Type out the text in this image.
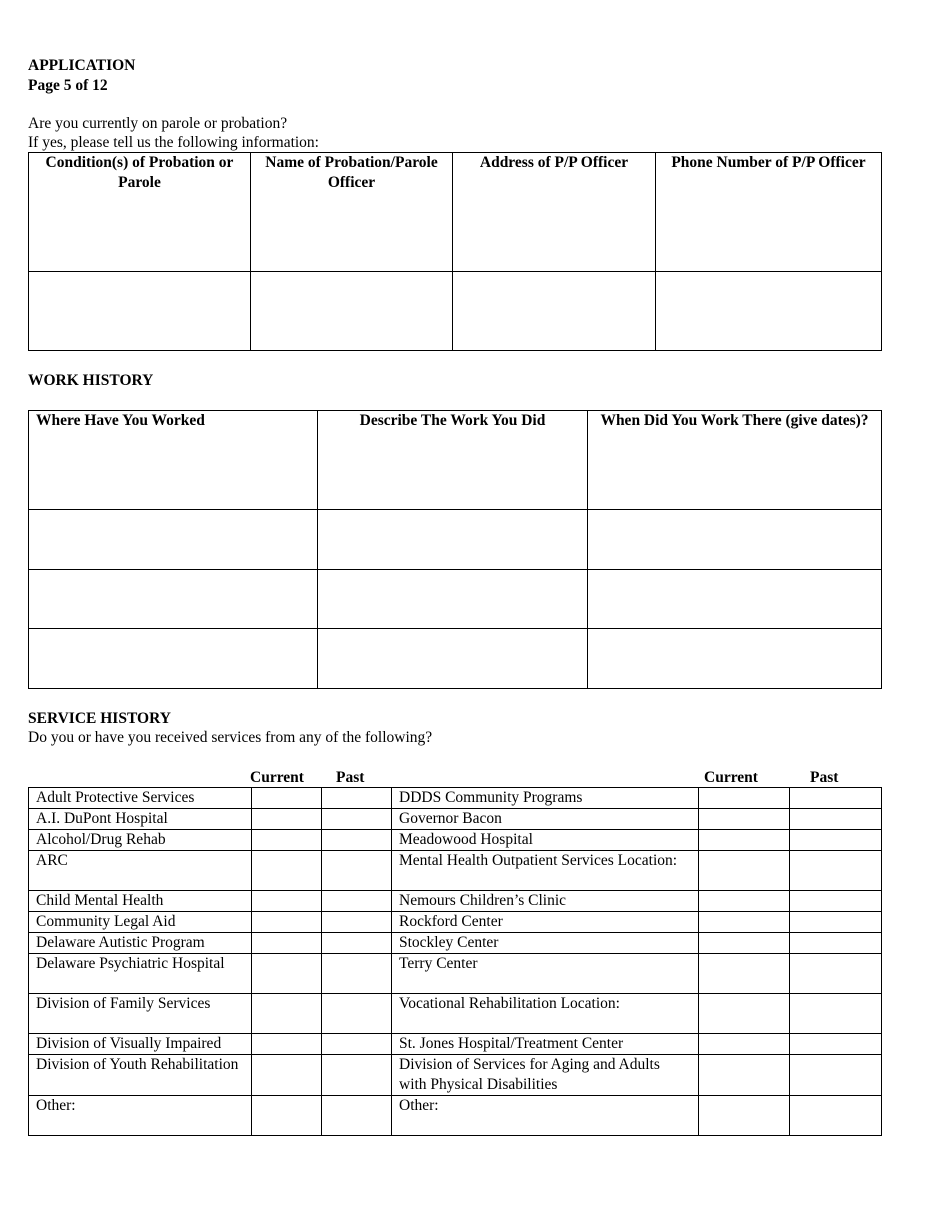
APPLICATION
Page 5 of 12
Are you currently on parole or probation?
If yes, please tell us the following information:
Condition(s) of Probation or Parole	Name of Probation/Parole Officer	Address of P/P Officer	Phone Number of P/P Officer

WORK HISTORY
Where Have You Worked	Describe The Work You Did	When Did You Work There (give dates)?

SERVICE HISTORY
Do you or have you received services from any of the following?
Current Past	Current	Past
Adult Protective Services			DDDS Community Programs		
A.I. DuPont Hospital			Governor Bacon		
Alcohol/Drug Rehab			Meadowood Hospital		
ARC			Mental Health Outpatient Services Location:		
Child Mental Health			Nemours Children’s Clinic		
Community Legal Aid			Rockford Center		
Delaware Autistic Program			Stockley Center		
Delaware Psychiatric Hospital			Terry Center		
Division of Family Services			Vocational Rehabilitation Location:		
Division of Visually Impaired			St. Jones Hospital/Treatment Center		
Division of Youth Rehabilitation			Division of Services for Aging and Adults with Physical Disabilities		
Other:			Other:		
